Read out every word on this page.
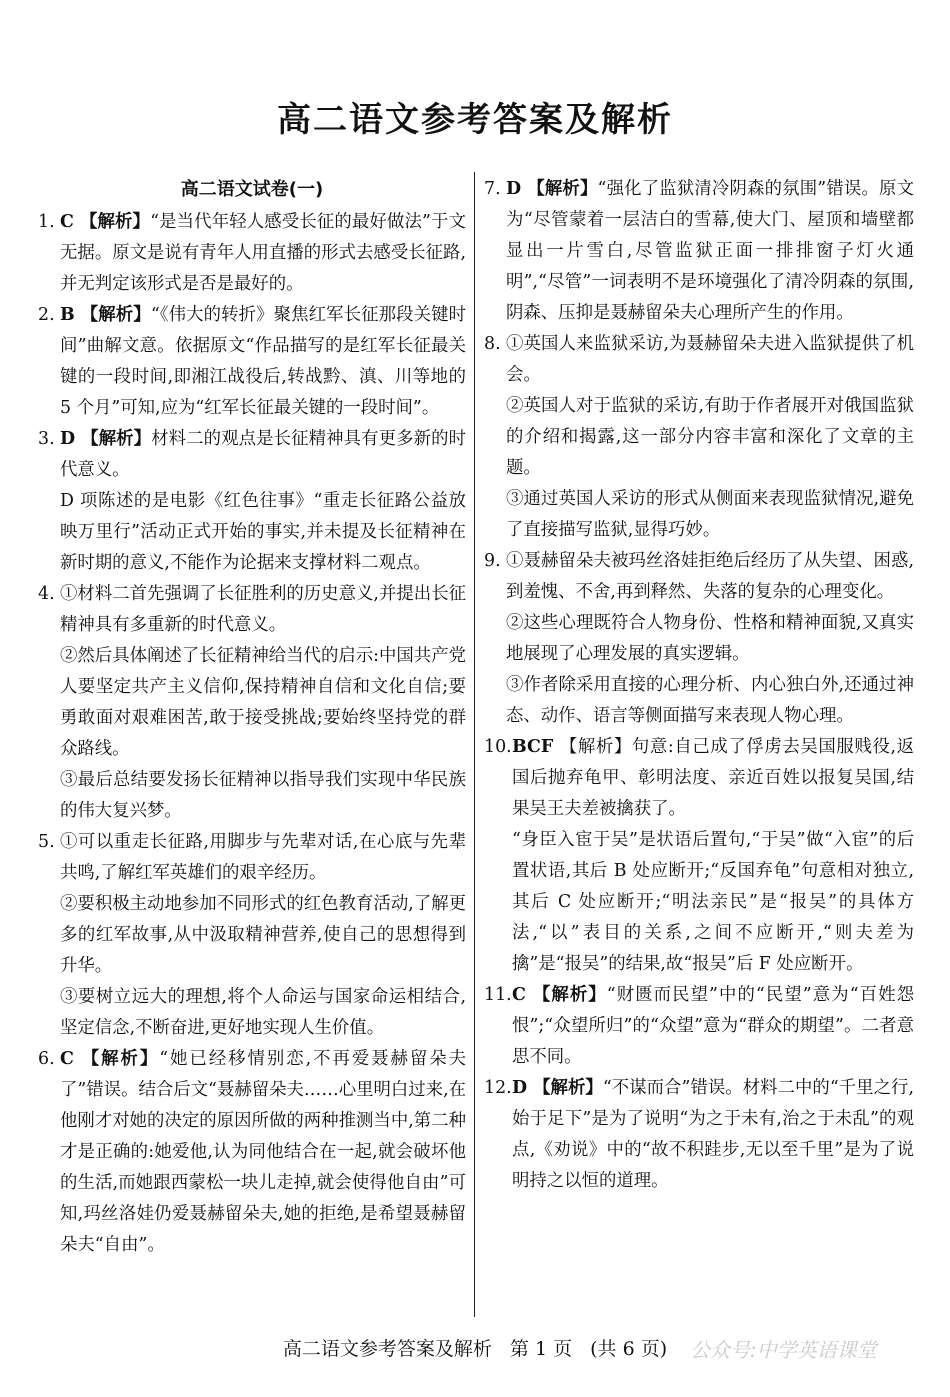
高二语文参考答案及解析
高二语文试卷(一)
1. C 【解析】“是当代年轻人感受长征的最好做法”于文无据。原文是说有青年人用直播的形式去感受长征路,并无判定该形式是否是最好的。
2. B 【解析】“《伟大的转折》聚焦红军长征那段关键时间”曲解文意。依据原文“作品描写的是红军长征最关键的一段时间,即湘江战役后,转战黔、滇、川等地的 5 个月”可知,应为“红军长征最关键的一段时间”。
3. D 【解析】材料二的观点是长征精神具有更多新的时代意义。
D 项陈述的是电影《红色往事》“重走长征路公益放映万里行”活动正式开始的事实,并未提及长征精神在新时期的意义,不能作为论据来支撑材料二观点。
4. ①材料二首先强调了长征胜利的历史意义,并提出长征精神具有多重新的时代意义。
②然后具体阐述了长征精神给当代的启示:中国共产党人要坚定共产主义信仰,保持精神自信和文化自信;要勇敢面对艰难困苦,敢于接受挑战;要始终坚持党的群众路线。
③最后总结要发扬长征精神以指导我们实现中华民族的伟大复兴梦。
5. ①可以重走长征路,用脚步与先辈对话,在心底与先辈共鸣,了解红军英雄们的艰辛经历。
②要积极主动地参加不同形式的红色教育活动,了解更多的红军故事,从中汲取精神营养,使自己的思想得到升华。
③要树立远大的理想,将个人命运与国家命运相结合,坚定信念,不断奋进,更好地实现人生价值。
6. C 【解析】“她已经移情别恋,不再爱聂赫留朵夫了”错误。结合后文“聂赫留朵夫……心里明白过来,在他刚才对她的决定的原因所做的两种推测当中,第二种才是正确的:她爱他,认为同他结合在一起,就会破坏他的生活,而她跟西蒙松一块儿走掉,就会使得他自由”可知,玛丝洛娃仍爱聂赫留朵夫,她的拒绝,是希望聂赫留朵夫“自由”。
7. D 【解析】“强化了监狱清冷阴森的氛围”错误。原文为“尽管蒙着一层洁白的雪幕,使大门、屋顶和墙壁都显出一片雪白,尽管监狱正面一排排窗子灯火通明”,“尽管”一词表明不是环境强化了清冷阴森的氛围,阴森、压抑是聂赫留朵夫心理所产生的作用。
8. ①英国人来监狱采访,为聂赫留朵夫进入监狱提供了机会。
②英国人对于监狱的采访,有助于作者展开对俄国监狱的介绍和揭露,这一部分内容丰富和深化了文章的主题。
③通过英国人采访的形式从侧面来表现监狱情况,避免了直接描写监狱,显得巧妙。
9. ①聂赫留朵夫被玛丝洛娃拒绝后经历了从失望、困惑,到羞愧、不舍,再到释然、失落的复杂的心理变化。
②这些心理既符合人物身份、性格和精神面貌,又真实地展现了心理发展的真实逻辑。
③作者除采用直接的心理分析、内心独白外,还通过神态、动作、语言等侧面描写来表现人物心理。
10. BCF 【解析】句意:自己成了俘虏去吴国服贱役,返国后抛弃龟甲、彰明法度、亲近百姓以报复吴国,结果吴王夫差被擒获了。
“身臣入宦于吴”是状语后置句,“于吴”做“入宦”的后置状语,其后 B 处应断开;“反国弃龟”句意相对独立,其后 C 处应断开;“明法亲民”是“报吴”的具体方法,“以”表目的关系,之间不应断开,“则夫差为擒”是“报吴”的结果,故“报吴”后 F 处应断开。
11. C 【解析】“财匮而民望”中的“民望”意为“百姓怨恨”;“众望所归”的“众望”意为“群众的期望”。二者意思不同。
12. D 【解析】“不谋而合”错误。材料二中的“千里之行,始于足下”是为了说明“为之于未有,治之于未乱”的观点,《劝说》中的“故不积跬步,无以至千里”是为了说明持之以恒的道理。
高二语文参考答案及解析 第 1 页 (共 6 页)	公众号:中学英语课堂
